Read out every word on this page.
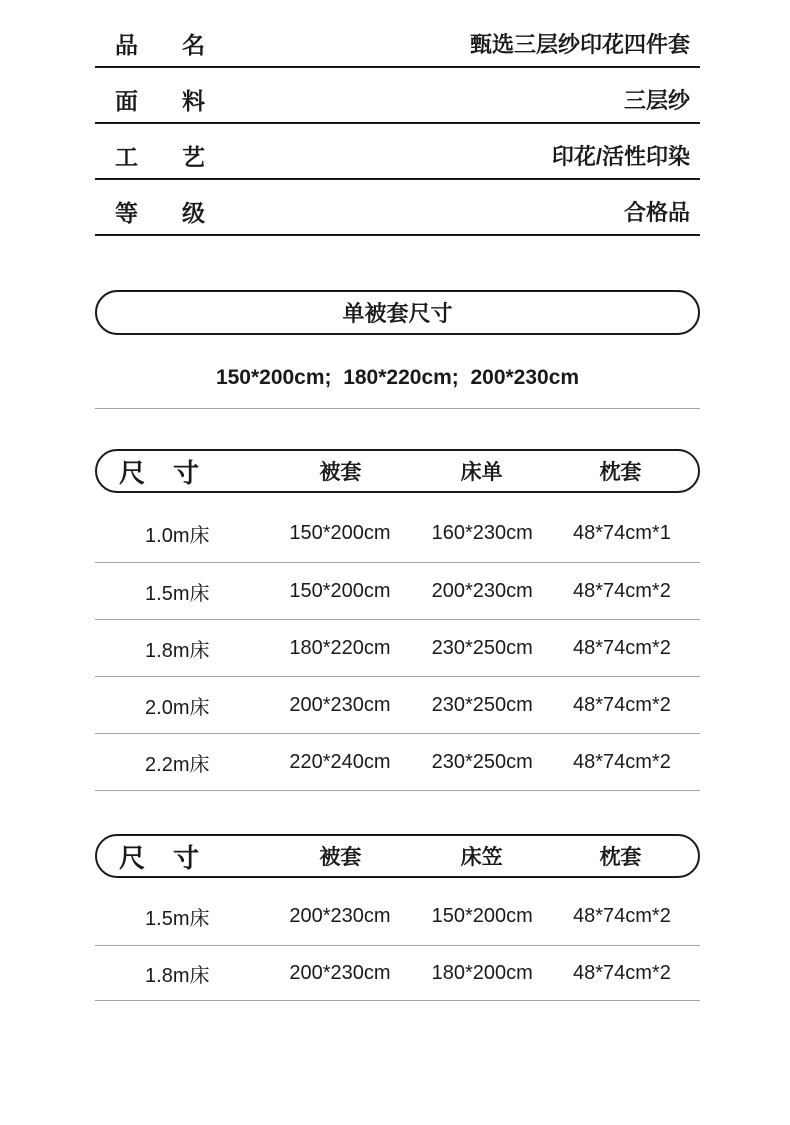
品 名	甄选三层纱印花四件套
面 料	三层纱
工 艺	印花/活性印染
等 级	合格品
单被套尺寸
150*200cm;  180*220cm;  200*230cm
尺 寸	被套	床单	枕套
1.0m床	150*200cm	160*230cm	48*74cm*1
1.5m床	150*200cm	200*230cm	48*74cm*2
1.8m床	180*220cm	230*250cm	48*74cm*2
2.0m床	200*230cm	230*250cm	48*74cm*2
2.2m床	220*240cm	230*250cm	48*74cm*2
尺 寸	被套	床笠	枕套
1.5m床	200*230cm	150*200cm	48*74cm*2
1.8m床	200*230cm	180*200cm	48*74cm*2
